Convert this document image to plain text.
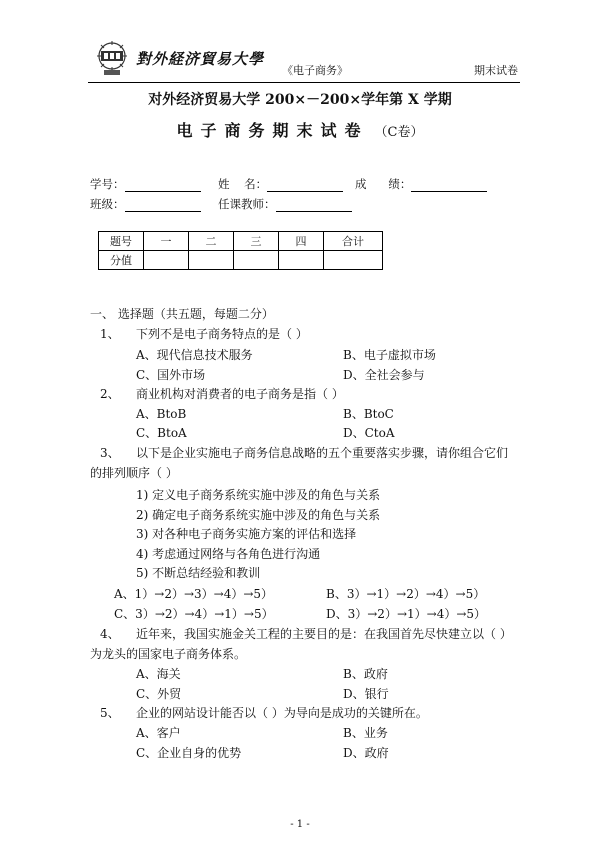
對外経济貿易大學
《电子商务》	期末试卷
对外经济贸易大学 200×－200×学年第 X 学期
电子商务期末试卷 （C卷）
学号：	姓    名：	成      绩：
班级：	任课教师：
题号	一	二	三	四	合计
分值					
一、 选择题（共五题，每题二分）
1、 下列不是电子商务特点的是（ ）
A、现代信息技术服务	B、电子虚拟市场
C、国外市场	D、全社会参与
2、 商业机构对消费者的电子商务是指（ ）
A、BtoB	B、BtoC
C、BtoA	D、CtoA
3、 以下是企业实施电子商务信息战略的五个重要落实步骤，请你组合它们
的排列顺序（ ）
1) 定义电子商务系统实施中涉及的角色与关系
2) 确定电子商务系统实施中涉及的角色与关系
3) 对各种电子商务实施方案的评估和选择
4) 考虑通过网络与各角色进行沟通
5) 不断总结经验和教训
A、1）→2）→3）→4）→5）	B、3）→1）→2）→4）→5）
C、3）→2）→4）→1）→5）	D、3）→2）→1）→4）→5）
4、 近年来，我国实施金关工程的主要目的是：在我国首先尽快建立以（ ）
为龙头的国家电子商务体系。
A、海关	B、政府
C、外贸	D、银行
5、 企业的网站设计能否以（ ）为导向是成功的关键所在。
A、客户	B、业务
C、企业自身的优势	D、政府
- 1 -
